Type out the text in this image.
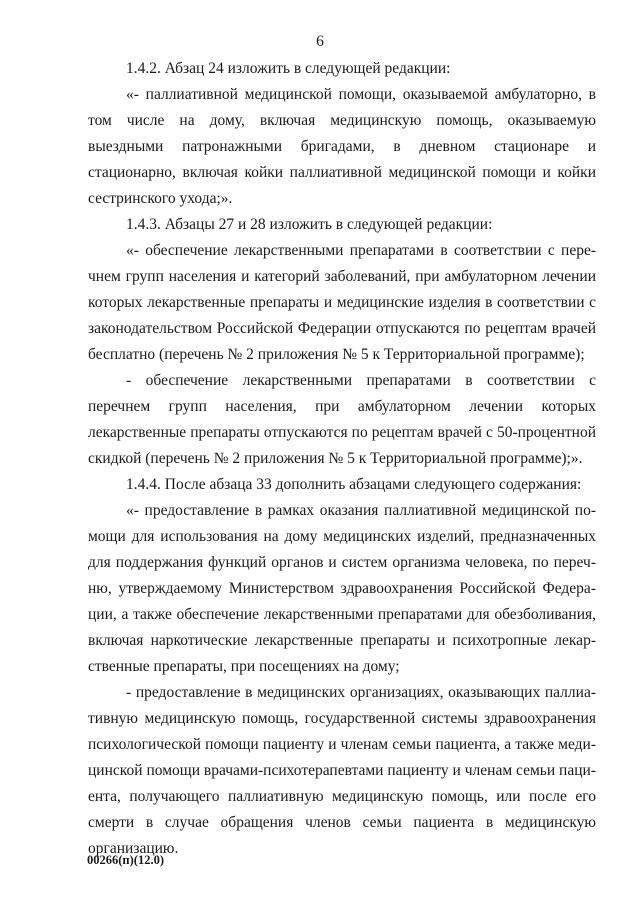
6

1.4.2. Абзац 24 изложить в следующей редакции:

«- паллиативной медицинской помощи, оказываемой амбулаторно, в том числе на дому, включая медицинскую помощь, оказываемую выездными патронажными бригадами, в дневном стационаре и стационарно, включая койки паллиативной медицинской помощи и койки сестринского ухода;».

1.4.3. Абзацы 27 и 28 изложить в следующей редакции:

«- обеспечение лекарственными препаратами в соответствии с перечнем групп населения и категорий заболеваний, при амбулаторном лечении которых лекарственные препараты и медицинские изделия в соответствии с законодательством Российской Федерации отпускаются по рецептам врачей бесплатно (перечень № 2 приложения № 5 к Территориальной программе);

- обеспечение лекарственными препаратами в соответствии с перечнем групп населения, при амбулаторном лечении которых лекарственные препараты отпускаются по рецептам врачей с 50-процентной скидкой (перечень № 2 приложения № 5 к Территориальной программе);».

1.4.4. После абзаца 33 дополнить абзацами следующего содержания:

«- предоставление в рамках оказания паллиативной медицинской помощи для использования на дому медицинских изделий, предназначенных для поддержания функций органов и систем организма человека, по перечню, утверждаемому Министерством здравоохранения Российской Федерации, а также обеспечение лекарственными препаратами для обезболивания, включая наркотические лекарственные препараты и психотропные лекарственные препараты, при посещениях на дому;

- предоставление в медицинских организациях, оказывающих паллиативную медицинскую помощь, государственной системы здравоохранения психологической помощи пациенту и членам семьи пациента, а также медицинской помощи врачами-психотерапевтами пациенту и членам семьи пациента, получающего паллиативную медицинскую помощь, или после его смерти в случае обращения членов семьи пациента в медицинскую организацию.

00266(п)(12.0)
